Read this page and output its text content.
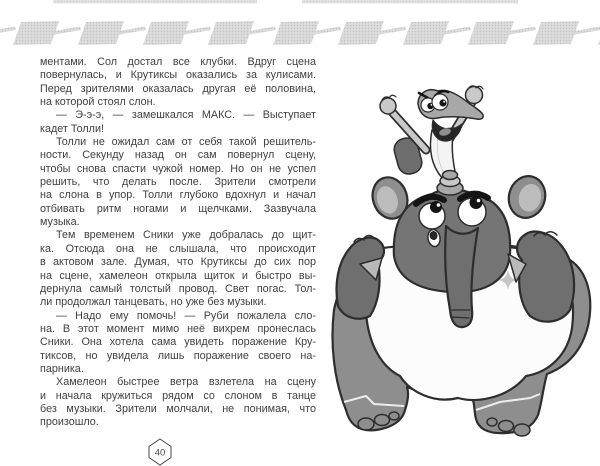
ментами. Сол достал все клубки. Вдруг сцена
повернулась, и Крутиксы оказались за кулисами.
Перед зрителями оказалась другая её половина,
на которой стоял слон.
— Э-э-э, — замешкался МАКС. — Выступает
кадет Толли!
Толли не ожидал сам от себя такой решитель-
ности. Секунду назад он сам повернул сцену,
чтобы снова спасти чужой номер. Но он не успел
решить, что делать после. Зрители смотрели
на слона в упор. Толли глубоко вдохнул и начал
отбивать ритм ногами и щелчками. Зазвучала
музыка.
Тем временем Сники уже добралась до щит-
ка. Отсюда она не слышала, что происходит
в актовом зале. Думая, что Крутиксы до сих пор
на сцене, хамелеон открыла щиток и быстро вы-
дернула самый толстый провод. Свет погас. Тол-
ли продолжал танцевать, но уже без музыки.
— Надо ему помочь! — Руби пожалела сло-
на. В этот момент мимо неё вихрем пронеслась
Сники. Она хотела сама увидеть поражение Кру-
тиксов, но увидела лишь поражение своего на-
парника.
Хамелеон быстрее ветра взлетела на сцену
и начала кружиться рядом со слоном в танце
без музыки. Зрители молчали, не понимая, что
произошло.
40
